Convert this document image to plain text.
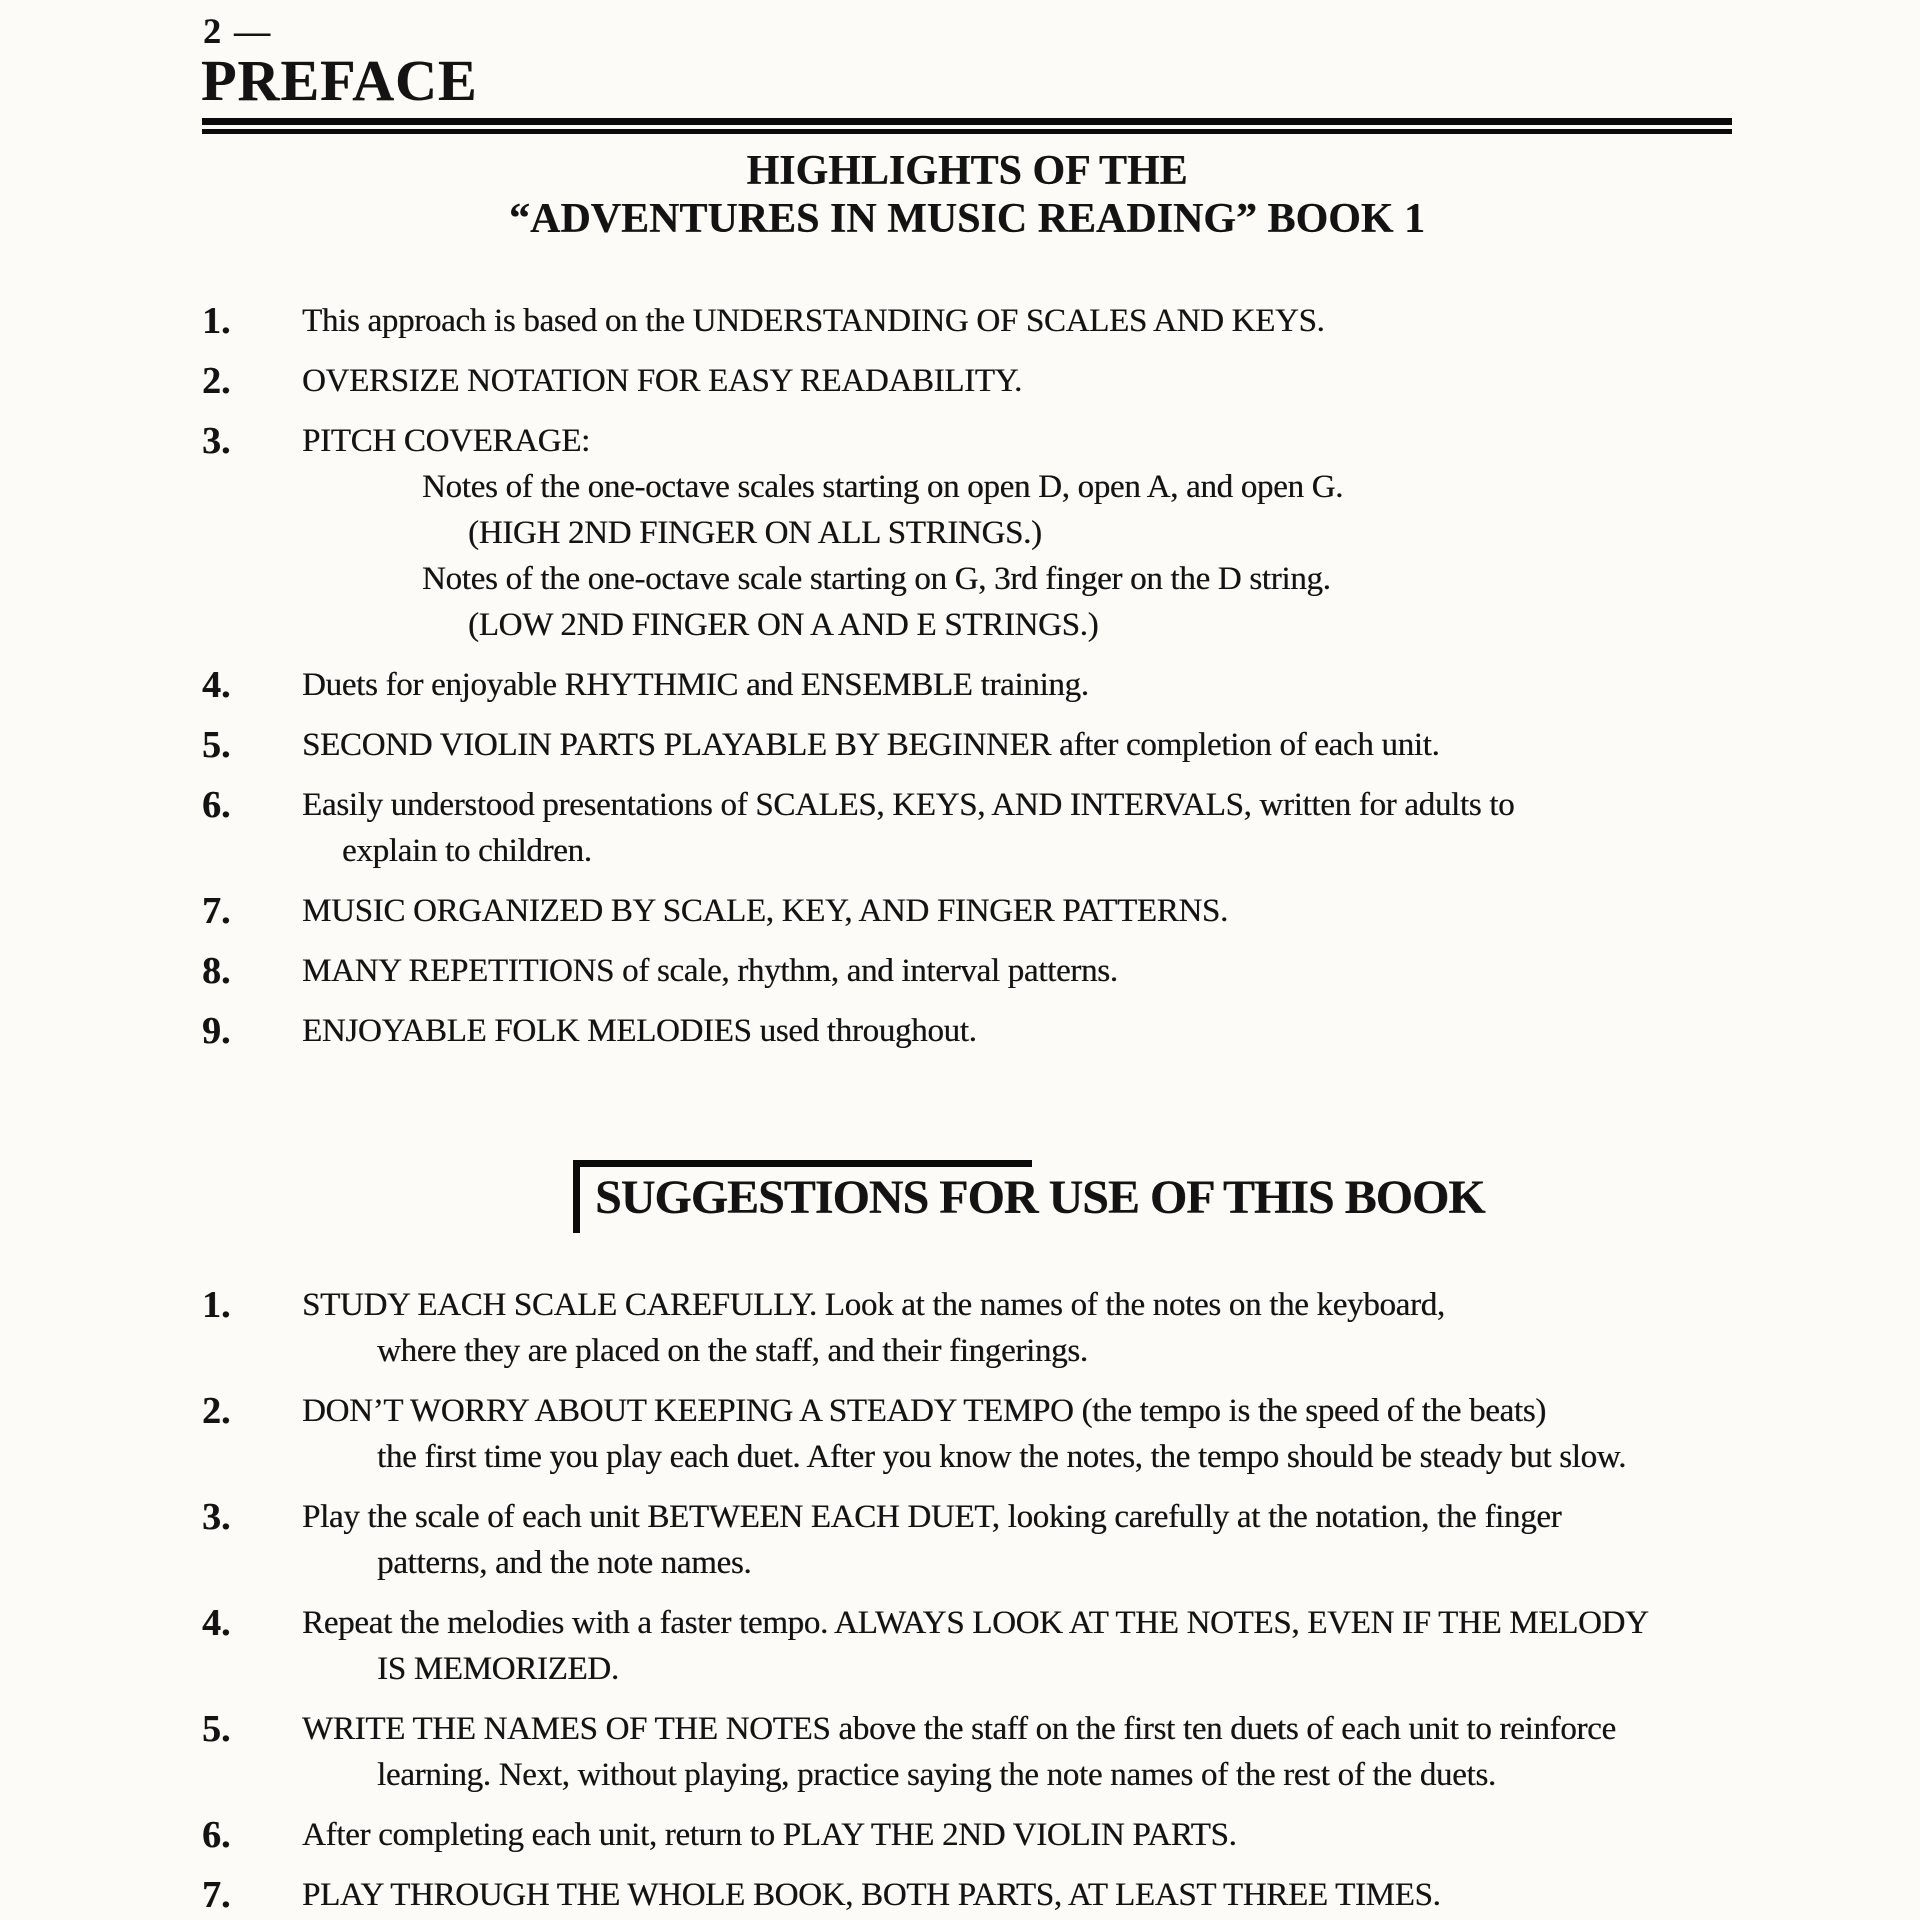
2 —
PREFACE
HIGHLIGHTS OF THE
“ADVENTURES IN MUSIC READING” BOOK 1
1.	This approach is based on the UNDERSTANDING OF SCALES AND KEYS.
2.	OVERSIZE NOTATION FOR EASY READABILITY.
3.	PITCH COVERAGE:
Notes of the one-octave scales starting on open D, open A, and open G.
(HIGH 2ND FINGER ON ALL STRINGS.)
Notes of the one-octave scale starting on G, 3rd finger on the D string.
(LOW 2ND FINGER ON A AND E STRINGS.)
4.	Duets for enjoyable RHYTHMIC and ENSEMBLE training.
5.	SECOND VIOLIN PARTS PLAYABLE BY BEGINNER after completion of each unit.
6.	Easily understood presentations of SCALES, KEYS, AND INTERVALS, written for adults to
explain to children.
7.	MUSIC ORGANIZED BY SCALE, KEY, AND FINGER PATTERNS.
8.	MANY REPETITIONS of scale, rhythm, and interval patterns.
9.	ENJOYABLE FOLK MELODIES used throughout.
SUGGESTIONS FOR USE OF THIS BOOK
1.	STUDY EACH SCALE CAREFULLY. Look at the names of the notes on the keyboard,
where they are placed on the staff, and their fingerings.
2.	DON’T WORRY ABOUT KEEPING A STEADY TEMPO (the tempo is the speed of the beats)
the first time you play each duet. After you know the notes, the tempo should be steady but slow.
3.	Play the scale of each unit BETWEEN EACH DUET, looking carefully at the notation, the finger
patterns, and the note names.
4.	Repeat the melodies with a faster tempo. ALWAYS LOOK AT THE NOTES, EVEN IF THE MELODY
IS MEMORIZED.
5.	WRITE THE NAMES OF THE NOTES above the staff on the first ten duets of each unit to reinforce
learning. Next, without playing, practice saying the note names of the rest of the duets.
6.	After completing each unit, return to PLAY THE 2ND VIOLIN PARTS.
7.	PLAY THROUGH THE WHOLE BOOK, BOTH PARTS, AT LEAST THREE TIMES.
